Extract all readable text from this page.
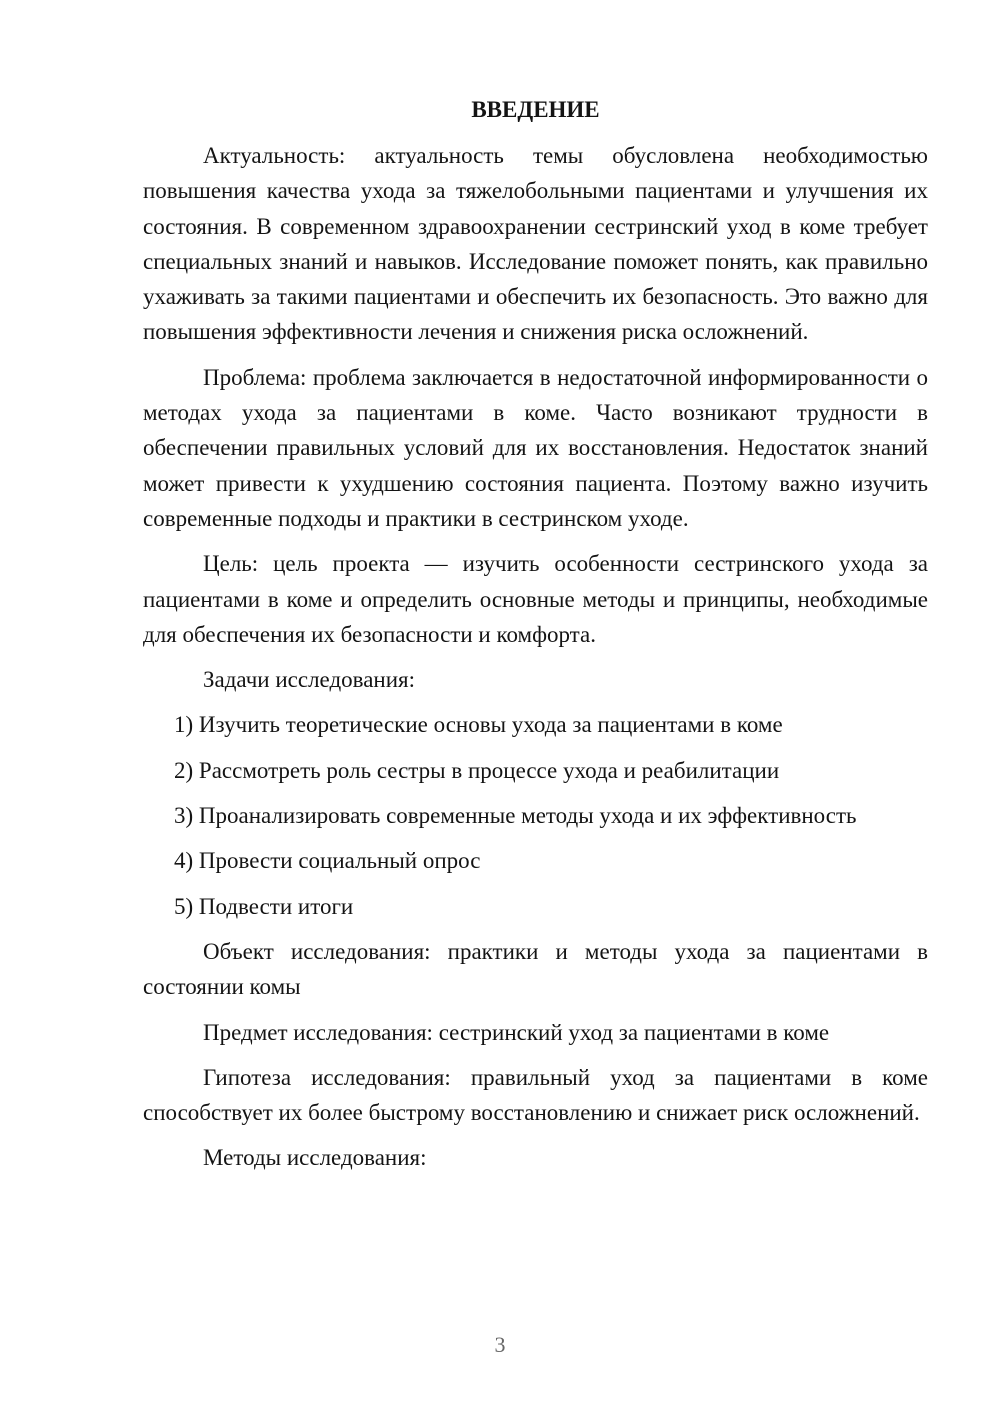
ВВЕДЕНИЕ

Актуальность: актуальность темы обусловлена необходимостью повышения качества ухода за тяжелобольными пациентами и улучшения их состояния. В современном здравоохранении сестринский уход в коме требует специальных знаний и навыков. Исследование поможет понять, как правильно ухаживать за такими пациентами и обеспечить их безопасность. Это важно для повышения эффективности лечения и снижения риска осложнений.

Проблема: проблема заключается в недостаточной информированности о методах ухода за пациентами в коме. Часто возникают трудности в обеспечении правильных условий для их восстановления. Недостаток знаний может привести к ухудшению состояния пациента. Поэтому важно изучить современные подходы и практики в сестринском уходе.

Цель: цель проекта — изучить особенности сестринского ухода за пациентами в коме и определить основные методы и принципы, необходимые для обеспечения их безопасности и комфорта.

Задачи исследования:

1) Изучить теоретические основы ухода за пациентами в коме
2) Рассмотреть роль сестры в процессе ухода и реабилитации
3) Проанализировать современные методы ухода и их эффективность
4) Провести социальный опрос
5) Подвести итоги

Объект исследования: практики и методы ухода за пациентами в состоянии комы

Предмет исследования: сестринский уход за пациентами в коме

Гипотеза исследования: правильный уход за пациентами в коме способствует их более быстрому восстановлению и снижает риск осложнений.

Методы исследования:

3
